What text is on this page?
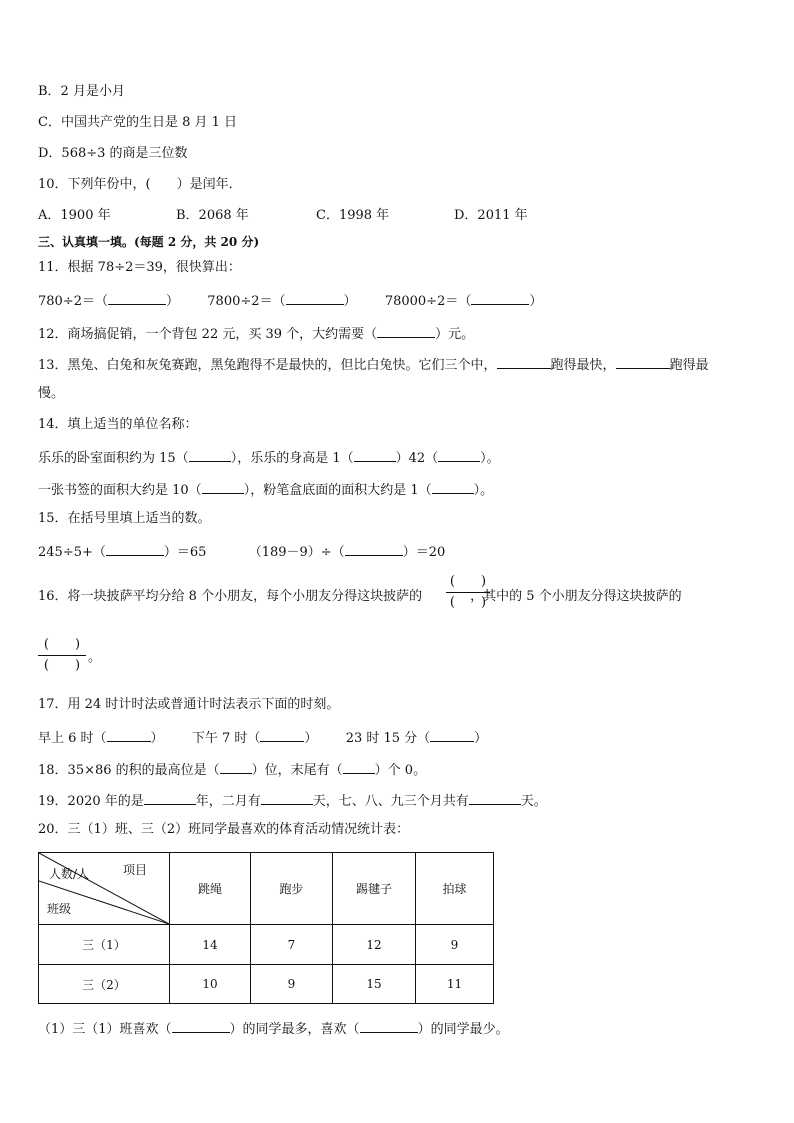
B．2 月是小月
C．中国共产党的生日是 8 月 1 日
D．568÷3 的商是三位数
10．下列年份中，(　　）是闰年．
A．1900 年	B．2068 年	C．1998 年	D．2011 年
三、认真填一填。(每题 2 分，共 20 分)
11．根据 78÷2＝39，很快算出：
780÷2＝（	） 7800÷2＝（	） 78000÷2＝（	）
12．商场搞促销，一个背包 22 元，买 39 个，大约需要（	）元。
13．黑兔、白兔和灰兔赛跑，黑兔跑得不是最快的，但比白兔快。它们三个中，	跑得最快，	跑得最
慢。
14．填上适当的单位名称：
乐乐的卧室面积约为 15（	），乐乐的身高是 1（	）42（	）。
一张书签的面积大约是 10（	），粉笔盒底面的面积大约是 1（	）。
15．在括号里填上适当的数。
245÷5+（	）＝65	（189－9）÷（	）＝20
16．将一块披萨平均分给 8 个小朋友，每个小朋友分得这块披萨的	，其中的 5 个小朋友分得这块披萨的
(　　)
(　　)
(　　)
(　　)
。
17．用 24 时计时法或普通计时法表示下面的时刻。
早上 6 时（	） 下午 7 时（	） 23 时 15 分（	）
18．35×86 的积的最高位是（ ）位，末尾有（ ）个 0。
19．2020 年的是	年，二月有	天，七、八、九三个月共有	天。
20．三（1）班、三（2）班同学最喜欢的体育活动情况统计表：
项目
人数/人
班级	跳绳	跑步	踢毽子	拍球
三（1）	14	7	12	9
三（2）	10	9	15	11
（1）三（1）班喜欢（	）的同学最多，喜欢（	）的同学最少。
